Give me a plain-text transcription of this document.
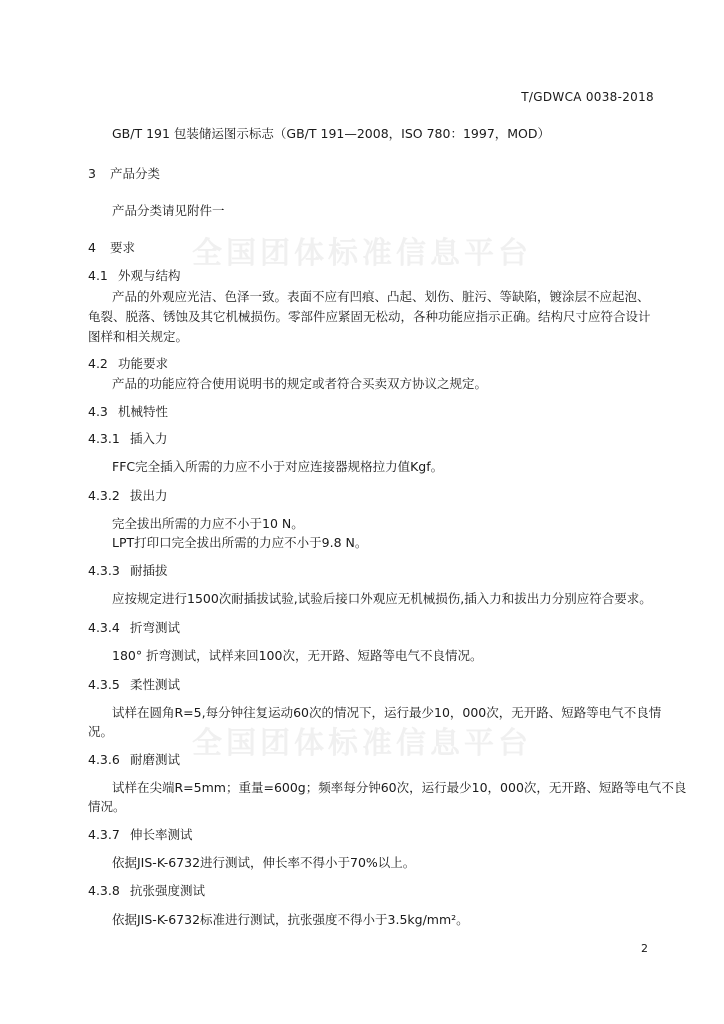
T/GDWCA 0038-2018
全国团体标准信息平台
全国团体标准信息平台
GB/T 191 包装储运图示标志（GB/T 191—2008，ISO 780：1997，MOD）
3 产品分类
产品分类请见附件一
4 要求
4.1 外观与结构
产品的外观应光洁、色泽一致。表面不应有凹痕、凸起、划伤、脏污、等缺陷，镀涂层不应起泡、
龟裂、脱落、锈蚀及其它机械损伤。零部件应紧固无松动，各种功能应指示正确。结构尺寸应符合设计
图样和相关规定。
4.2 功能要求
产品的功能应符合使用说明书的规定或者符合买卖双方协议之规定。
4.3 机械特性
4.3.1 插入力
FFC完全插入所需的力应不小于对应连接器规格拉力值Kgf。
4.3.2 拔出力
完全拔出所需的力应不小于10 N。
LPT打印口完全拔出所需的力应不小于9.8 N。
4.3.3 耐插拔
应按规定进行1500次耐插拔试验,试验后接口外观应无机械损伤,插入力和拔出力分别应符合要求。
4.3.4 折弯测试
180° 折弯测试，试样来回100次，无开路、短路等电气不良情况。
4.3.5 柔性测试
试样在圆角R=5,每分钟往复运动60次的情况下，运行最少10，000次，无开路、短路等电气不良情
况。
4.3.6 耐磨测试
试样在尖端R=5mm；重量=600g；频率每分钟60次，运行最少10，000次，无开路、短路等电气不良
情况。
4.3.7 伸长率测试
依据JIS-K-6732进行测试，伸长率不得小于70%以上。
4.3.8 抗张强度测试
依据JIS-K-6732标准进行测试，抗张强度不得小于3.5kg/mm²。
2
